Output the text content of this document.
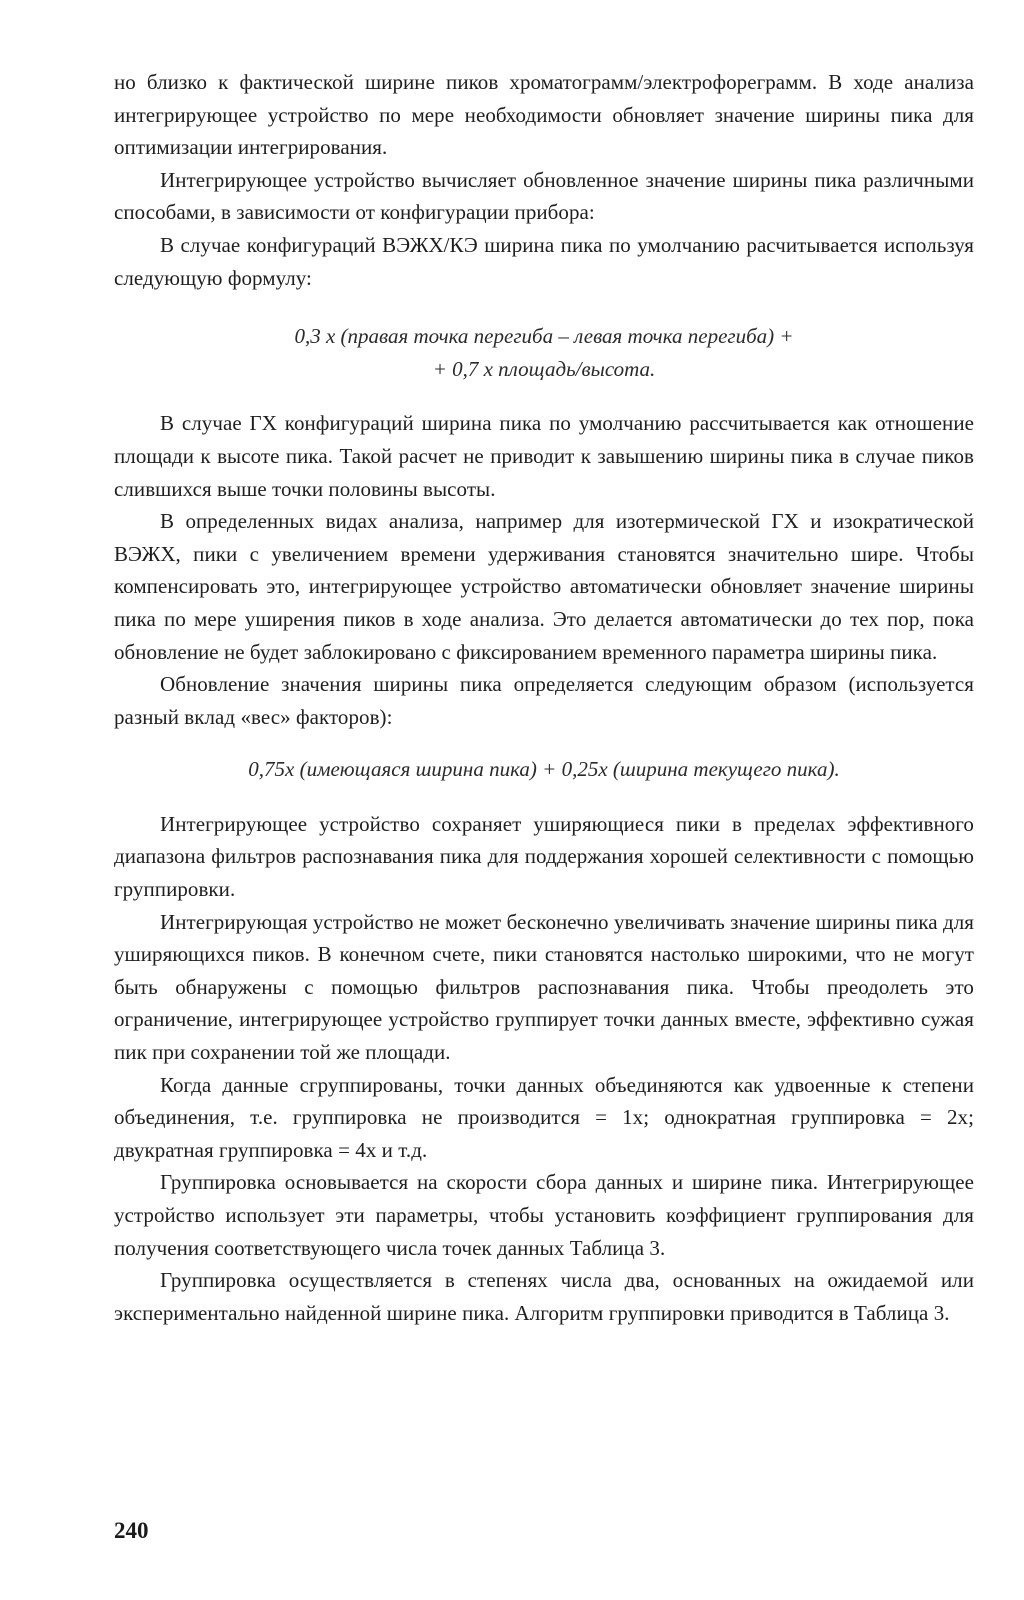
но близко к фактической ширине пиков хроматограмм/электрофореграмм. В ходе анализа интегрирующее устройство по мере необходимости обновляет значение ширины пика для оптимизации интегрирования.

Интегрирующее устройство вычисляет обновленное значение ширины пика различными способами, в зависимости от конфигурации прибора:

В случае конфигураций ВЭЖХ/КЭ ширина пика по умолчанию расчитывается используя следующую формулу:

0,3 х (правая точка перегиба – левая точка перегиба) +

+ 0,7 х площадь/высота.

В случае ГХ конфигураций ширина пика по умолчанию рассчитывается как отношение площади к высоте пика. Такой расчет не приводит к завышению ширины пика в случае пиков слившихся выше точки половины высоты.

В определенных видах анализа, например для изотермической ГХ и изократической ВЭЖХ, пики с увеличением времени удерживания становятся значительно шире. Чтобы компенсировать это, интегрирующее устройство автоматически обновляет значение ширины пика по мере уширения пиков в ходе анализа. Это делается автоматически до тех пор, пока обновление не будет заблокировано с фиксированием временного параметра ширины пика.

Обновление значения ширины пика определяется следующим образом (используется разный вклад «вес» факторов):

0,75х (имеющаяся ширина пика) + 0,25х (ширина текущего пика).

Интегрирующее устройство сохраняет уширяющиеся пики в пределах эффективного диапазона фильтров распознавания пика для поддержания хорошей селективности с помощью группировки.

Интегрирующая устройство не может бесконечно увеличивать значение ширины пика для уширяющихся пиков. В конечном счете, пики становятся настолько широкими, что не могут быть обнаружены с помощью фильтров распознавания пика. Чтобы преодолеть это ограничение, интегрирующее устройство группирует точки данных вместе, эффективно сужая пик при сохранении той же площади.

Когда данные сгруппированы, точки данных объединяются как удвоенные к степени объединения, т.е. группировка не производится = 1х; однократная группировка = 2х; двукратная группировка = 4х и т.д.

Группировка основывается на скорости сбора данных и ширине пика. Интегрирующее устройство использует эти параметры, чтобы установить коэффициент группирования для получения соответствующего числа точек данных Таблица 3.

Группировка осуществляется в степенях числа два, основанных на ожидаемой или экспериментально найденной ширине пика. Алгоритм группировки приводится в Таблица 3.

240
